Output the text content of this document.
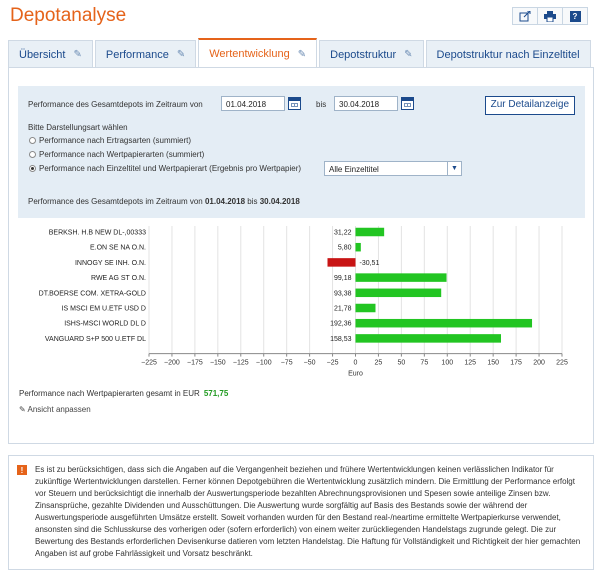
Depotanalyse	?
Übersicht ✎ Performance ✎ Wertentwicklung ✎ Depotstruktur ✎ Depotstruktur nach Einzeltitel
Performance des Gesamtdepots im Zeitraum von	01.04.2018	bis	30.04.2018	Zur Detailanzeige
Bitte Darstellungsart wählen
Performance nach Ertragsarten (summiert)
Performance nach Wertpapierarten (summiert)
Performance nach Einzeltitel und Wertpapierart (Ergebnis pro Wertpapier)	Alle Einzeltitel	▼
Performance des Gesamtdepots im Zeitraum von 01.04.2018 bis 30.04.2018
−225 −200 −175 −150 −125 −100 −75 −50 −25 0 25 50 75 100 125 150 175 200 225
Euro
BERKSH. H.B NEW DL-,00333	31,22
E.ON SE NA O.N.	5,80
INNOGY SE INH. O.N.	-30,51
RWE AG ST O.N.	99,18
DT.BOERSE COM. XETRA-GOLD	93,38
IS MSCI EM U.ETF USD D	21,78
ISHS-MSCI WORLD DL D	192,36
VANGUARD S+P 500 U.ETF DL	158,53
Performance nach Wertpapierarten gesamt in EUR 571,75
✎ Ansicht anpassen
!	Es ist zu berücksichtigen, dass sich die Angaben auf die Vergangenheit beziehen und frühere Wertentwicklungen keinen verlässlichen Indikator für zukünftige Wertentwicklungen darstellen. Ferner können Depotgebühren die Wertentwicklung zusätzlich mindern. Die Ermittlung der Performance erfolgt vor Steuern und berücksichtigt die innerhalb der Auswertungsperiode bezahlten Abrechnungsprovisionen und Spesen sowie anteilige Zinsen bzw. Zinsansprüche, gezahlte Dividenden und Ausschüttungen. Die Auswertung wurde sorgfältig auf Basis des Bestands sowie der während der Auswertungsperiode ausgeführten Umsätze erstellt. Soweit vorhanden wurden für den Bestand real-/neartime ermittelte Wertpapierkurse verwendet, ansonsten sind die Schlusskurse des vorherigen oder (sofern erforderlich) von einem weiter zurückliegenden Handelstags zugrunde gelegt. Die zur Bewertung des Bestands erforderlichen Devisenkurse datieren vom letzten Handelstag. Die Haftung für Vollständigkeit und Richtigkeit der hier gemachten Angaben ist auf grobe Fahrlässigkeit und Vorsatz beschränkt.
